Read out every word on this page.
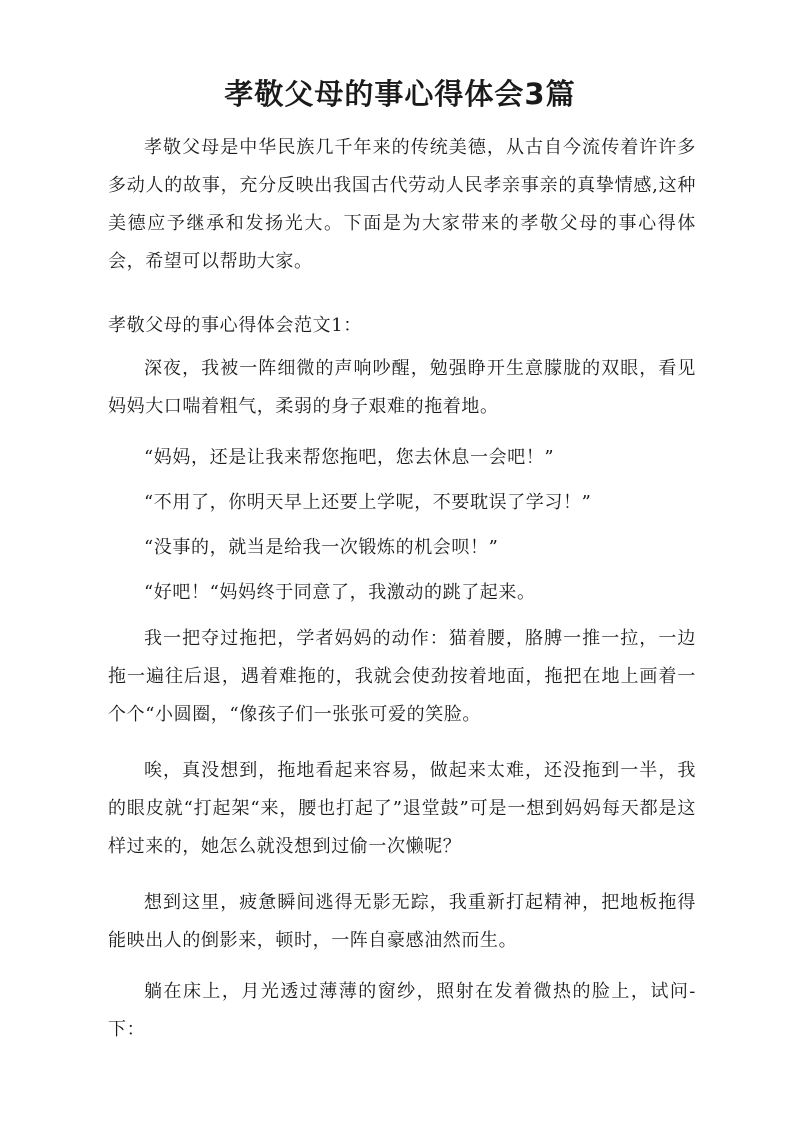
孝敬父母的事心得体会3篇

孝敬父母是中华民族几千年来的传统美德，从古自今流传着许许多多动人的故事，充分反映出我国古代劳动人民孝亲事亲的真挚情感,这种美德应予继承和发扬光大。下面是为大家带来的孝敬父母的事心得体会，希望可以帮助大家。

孝敬父母的事心得体会范文1：

深夜，我被一阵细微的声响吵醒，勉强睁开生意朦胧的双眼，看见妈妈大口喘着粗气，柔弱的身子艰难的拖着地。

“妈妈，还是让我来帮您拖吧，您去休息一会吧！”

“不用了，你明天早上还要上学呢，不要耽误了学习！”

“没事的，就当是给我一次锻炼的机会呗！”

“好吧！“妈妈终于同意了，我激动的跳了起来。

我一把夺过拖把，学者妈妈的动作：猫着腰，胳膊一推一拉，一边拖一遍往后退，遇着难拖的，我就会使劲按着地面，拖把在地上画着一个个“小圆圈，“像孩子们一张张可爱的笑脸。

唉，真没想到，拖地看起来容易，做起来太难，还没拖到一半，我的眼皮就“打起架“来，腰也打起了”退堂鼓”可是一想到妈妈每天都是这样过来的，她怎么就没想到过偷一次懒呢？

想到这里，疲惫瞬间逃得无影无踪，我重新打起精神，把地板拖得能映出人的倒影来，顿时，一阵自豪感油然而生。

躺在床上，月光透过薄薄的窗纱，照射在发着微热的脸上，试问-下：
